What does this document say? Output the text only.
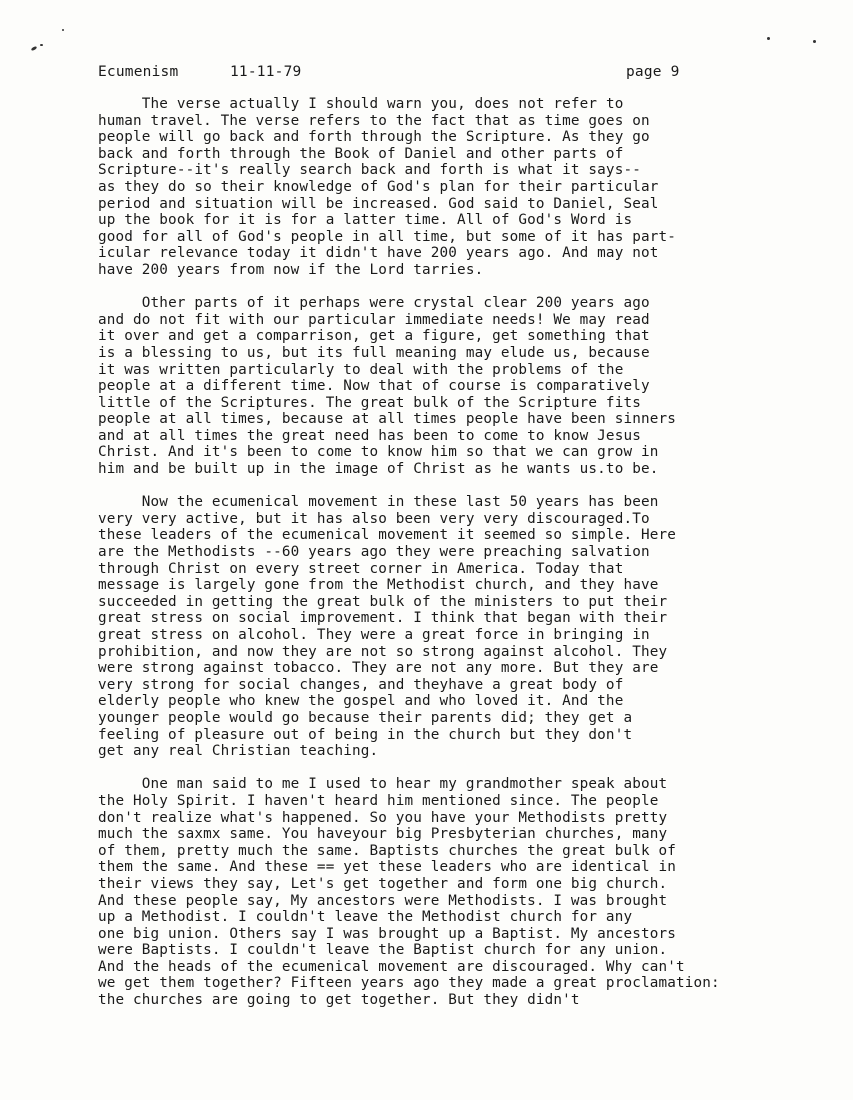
Ecumenism	11-11-79	page 9

The verse actually I should warn you, does not refer to
human travel. The verse refers to the fact that as time goes on
people will go back and forth through the Scripture. As they go
back and forth through the Book of Daniel and other parts of
Scripture--it's really search back and forth is what it says--
as they do so their knowledge of God's plan for their particular
period and situation will be increased. God said to Daniel, Seal
up the book for it is for a latter time. All of God's Word is
good for all of God's people in all time, but some of it has part-
icular relevance today it didn't have 200 years ago. And may not
have 200 years from now if the Lord tarries.

Other parts of it perhaps were crystal clear 200 years ago
and do not fit with our particular immediate needs! We may read
it over and get a comparrison, get a figure, get something that
is a blessing to us, but its full meaning may elude us, because
it was written particularly to deal with the problems of the
people at a different time. Now that of course is comparatively
little of the Scriptures. The great bulk of the Scripture fits
people at all times, because at all times people have been sinners
and at all times the great need has been to come to know Jesus
Christ. And it's been to come to know him so that we can grow in
him and be built up in the image of Christ as he wants us.to be.

Now the ecumenical movement in these last 50 years has been
very very active, but it has also been very very discouraged.To
these leaders of the ecumenical movement it seemed so simple. Here
are the Methodists --60 years ago they were preaching salvation
through Christ on every street corner in America. Today that
message is largely gone from the Methodist church, and they have
succeeded in getting the great bulk of the ministers to put their
great stress on social improvement. I think that began with their
great stress on alcohol. They were a great force in bringing in
prohibition, and now they are not so strong against alcohol. They
were strong against tobacco. They are not any more. But they are
very strong for social changes, and theyhave a great body of
elderly people who knew the gospel and who loved it. And the
younger people would go because their parents did; they get a
feeling of pleasure out of being in the church but they don't
get any real Christian teaching.

One man said to me I used to hear my grandmother speak about
the Holy Spirit. I haven't heard him mentioned since. The people
don't realize what's happened. So you have your Methodists pretty
much the saxmx same. You haveyour big Presbyterian churches, many
of them, pretty much the same. Baptists churches the great bulk of
them the same. And these == yet these leaders who are identical in
their views they say, Let's get together and form one big church.
And these people say, My ancestors were Methodists. I was brought
up a Methodist. I couldn't leave the Methodist church for any
one big union. Others say I was brought up a Baptist. My ancestors
were Baptists. I couldn't leave the Baptist church for any union.
And the heads of the ecumenical movement are discouraged. Why can't
we get them together? Fifteen years ago they made a great proclamation:
the churches are going to get together. But they didn't
